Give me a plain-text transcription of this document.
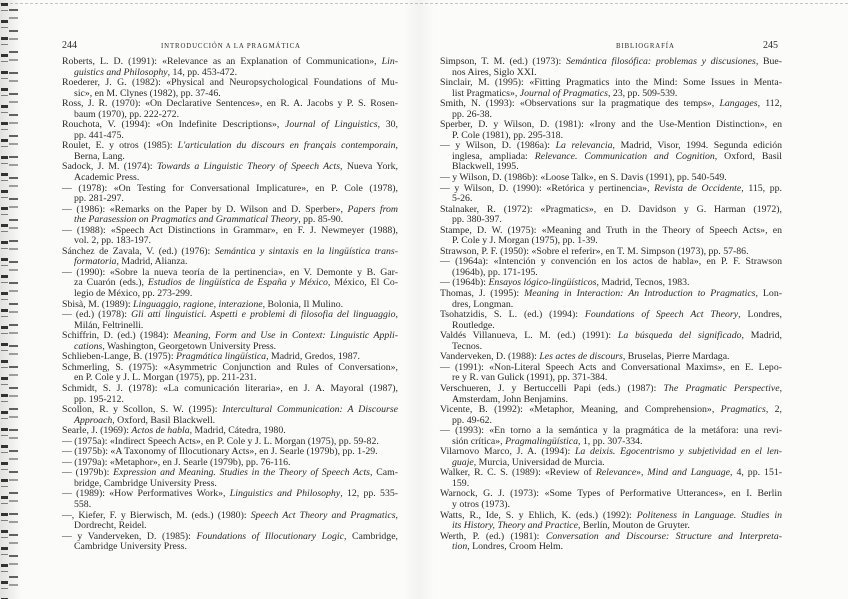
244	INTRODUCCIÓN A LA PRAGMÁTICA
Roberts, L. D. (1991): «Relevance as an Explanation of Communication», Lin-
guistics and Philosophy, 14, pp. 453-472.
Roederer, J. G. (1982): «Physical and Neuropsychological Foundations of Mu-
sic», en M. Clynes (1982), pp. 37-46.
Ross, J. R. (1970): «On Declarative Sentences», en R. A. Jacobs y P. S. Rosen-
baum (1970), pp. 222-272.
Rouchota, V. (1994): «On Indefinite Descriptions», Journal of Linguistics, 30,
pp. 441-475.
Roulet, E. y otros (1985): L'articulation du discours en français contemporain,
Berna, Lang.
Sadock, J. M. (1974): Towards a Linguistic Theory of Speech Acts, Nueva York,
Academic Press.
— (1978): «On Testing for Conversational Implicature», en P. Cole (1978),
pp. 281-297.
— (1986): «Remarks on the Paper by D. Wilson and D. Sperber», Papers from
the Parasession on Pragmatics and Grammatical Theory, pp. 85-90.
— (1988): «Speech Act Distinctions in Grammar», en F. J. Newmeyer (1988),
vol. 2, pp. 183-197.
Sánchez de Zavala, V. (ed.) (1976): Semántica y sintaxis en la lingüística trans-
formatoria, Madrid, Alianza.
— (1990): «Sobre la nueva teoría de la pertinencia», en V. Demonte y B. Gar-
za Cuarón (eds.), Estudios de lingüística de España y México, México, El Co-
legio de México, pp. 273-299.
Sbisà, M. (1989): Linguaggio, ragione, interazione, Bolonia, Il Mulino.
— (ed.) (1978): Gli atti linguistici. Aspetti e problemi di filosofia del linguaggio,
Milán, Feltrinelli.
Schiffrin, D. (ed.) (1984): Meaning, Form and Use in Context: Linguistic Appli-
cations, Washington, Georgetown University Press.
Schlieben-Lange, B. (1975): Pragmática lingüística, Madrid, Gredos, 1987.
Schmerling, S. (1975): «Asymmetric Conjunction and Rules of Conversation»,
en P. Cole y J. L. Morgan (1975), pp. 211-231.
Schmidt, S. J. (1978): «La comunicación literaria», en J. A. Mayoral (1987),
pp. 195-212.
Scollon, R. y Scollon, S. W. (1995): Intercultural Communication: A Discourse
Approach, Oxford, Basil Blackwell.
Searle, J. (1969): Actos de habla, Madrid, Cátedra, 1980.
— (1975a): «Indirect Speech Acts», en P. Cole y J. L. Morgan (1975), pp. 59-82.
— (1975b): «A Taxonomy of Illocutionary Acts», en J. Searle (1979b), pp. 1-29.
— (1979a): «Metaphor», en J. Searle (1979b), pp. 76-116.
— (1979b): Expression and Meaning. Studies in the Theory of Speech Acts, Cam-
bridge, Cambridge University Press.
— (1989): «How Performatives Work», Linguistics and Philosophy, 12, pp. 535-
558.
—, Kiefer, F. y Bierwisch, M. (eds.) (1980): Speech Act Theory and Pragmatics,
Dordrecht, Reidel.
— y Vanderveken, D. (1985): Foundations of Illocutionary Logic, Cambridge,
Cambridge University Press.
BIBLIOGRAFÍA	245
Simpson, T. M. (ed.) (1973): Semántica filosófica: problemas y discusiones, Bue-
nos Aires, Siglo XXI.
Sinclair, M. (1995): «Fitting Pragmatics into the Mind: Some Issues in Menta-
list Pragmatics», Journal of Pragmatics, 23, pp. 509-539.
Smith, N. (1993): «Observations sur la pragmatique des temps», Langages, 112,
pp. 26-38.
Sperber, D. y Wilson, D. (1981): «Irony and the Use-Mention Distinction», en
P. Cole (1981), pp. 295-318.
— y Wilson, D. (1986a): La relevancia, Madrid, Visor, 1994. Segunda edición
inglesa, ampliada: Relevance. Communication and Cognition, Oxford, Basil
Blackwell, 1995.
— y Wilson, D. (1986b): «Loose Talk», en S. Davis (1991), pp. 540-549.
— y Wilson, D. (1990): «Retórica y pertinencia», Revista de Occidente, 115, pp.
5-26.
Stalnaker, R. (1972): «Pragmatics», en D. Davidson y G. Harman (1972),
pp. 380-397.
Stampe, D. W. (1975): «Meaning and Truth in the Theory of Speech Acts», en
P. Cole y J. Morgan (1975), pp. 1-39.
Strawson, P. F. (1950): «Sobre el referir», en T. M. Simpson (1973), pp. 57-86.
— (1964a): «Intención y convención en los actos de habla», en P. F. Strawson
(1964b), pp. 171-195.
— (1964b): Ensayos lógico-lingüísticos, Madrid, Tecnos, 1983.
Thomas, J. (1995): Meaning in Interaction: An Introduction to Pragmatics, Lon-
dres, Longman.
Tsohatzidis, S. L. (ed.) (1994): Foundations of Speech Act Theory, Londres,
Routledge.
Valdés Villanueva, L. M. (ed.) (1991): La búsqueda del significado, Madrid,
Tecnos.
Vanderveken, D. (1988): Les actes de discours, Bruselas, Pierre Mardaga.
— (1991): «Non-Literal Speech Acts and Conversational Maxims», en E. Lepo-
re y R. van Gulick (1991), pp. 371-384.
Verschueren, J. y Bertuccelli Papi (eds.) (1987): The Pragmatic Perspective,
Amsterdam, John Benjamins.
Vicente, B. (1992): «Metaphor, Meaning, and Comprehension», Pragmatics, 2,
pp. 49-62.
— (1993): «En torno a la semántica y la pragmática de la metáfora: una revi-
sión crítica», Pragmalingüística, 1, pp. 307-334.
Vilarnovo Marco, J. A. (1994): La deixis. Egocentrismo y subjetividad en el len-
guaje, Murcia, Universidad de Murcia.
Walker, R. C. S. (1989): «Review of Relevance», Mind and Language, 4, pp. 151-
159.
Warnock, G. J. (1973): «Some Types of Performative Utterances», en I. Berlin
y otros (1973).
Watts, R., Ide, S. y Ehlich, K. (eds.) (1992): Politeness in Language. Studies in
its History, Theory and Practice, Berlín, Mouton de Gruyter.
Werth, P. (ed.) (1981): Conversation and Discourse: Structure and Interpreta-
tion, Londres, Croom Helm.
